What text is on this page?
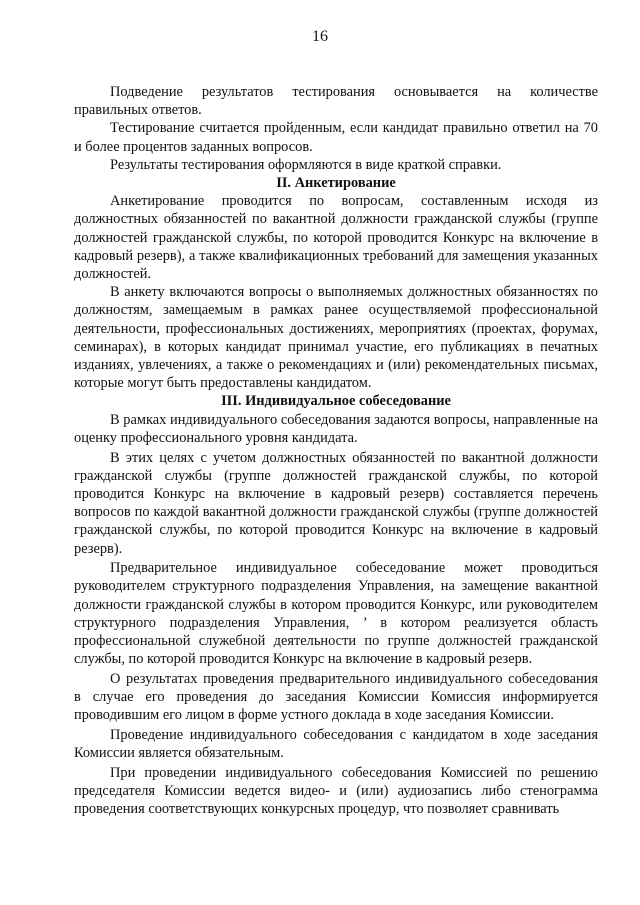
16

Подведение результатов тестирования основывается на количестве правильных ответов.

Тестирование считается пройденным, если кандидат правильно ответил на 70 и более процентов заданных вопросов.

Результаты тестирования оформляются в виде краткой справки.

II. Анкетирование

Анкетирование проводится по вопросам, составленным исходя из должностных обязанностей по вакантной должности гражданской службы (группе должностей гражданской службы, по которой проводится Конкурс на включение в кадровый резерв), а также квалификационных требований для замещения указанных должностей.

В анкету включаются вопросы о выполняемых должностных обязанностях по должностям, замещаемым в рамках ранее осуществляемой профессиональной деятельности, профессиональных достижениях, мероприятиях (проектах, форумах, семинарах), в которых кандидат принимал участие, его публикациях в печатных изданиях, увлечениях, а также о рекомендациях и (или) рекомендательных письмах, которые могут быть предоставлены кандидатом.

III. Индивидуальное собеседование

В рамках индивидуального собеседования задаются вопросы, направленные на оценку профессионального уровня кандидата.

В этих целях с учетом должностных обязанностей по вакантной должности гражданской службы (группе должностей гражданской службы, по которой проводится Конкурс на включение в кадровый резерв) составляется перечень вопросов по каждой вакантной должности гражданской службы (группе должностей гражданской службы, по которой проводится Конкурс на включение в кадровый резерв).

Предварительное индивидуальное собеседование может проводиться руководителем структурного подразделения Управления, на замещение вакантной должности гражданской службы в котором проводится Конкурс, или руководителем структурного подразделения Управления, ’ в котором реализуется область профессиональной служебной деятельности по группе должностей гражданской службы, по которой проводится Конкурс на включение в кадровый резерв.

О результатах проведения предварительного индивидуального собеседования в случае его проведения до заседания Комиссии Комиссия информируется проводившим его лицом в форме устного доклада в ходе заседания Комиссии.

Проведение индивидуального собеседования с кандидатом в ходе заседания Комиссии является обязательным.

При проведении индивидуального собеседования Комиссией по решению председателя Комиссии ведется видео- и (или) аудиозапись либо стенограмма проведения соответствующих конкурсных процедур, что позволяет сравнивать
